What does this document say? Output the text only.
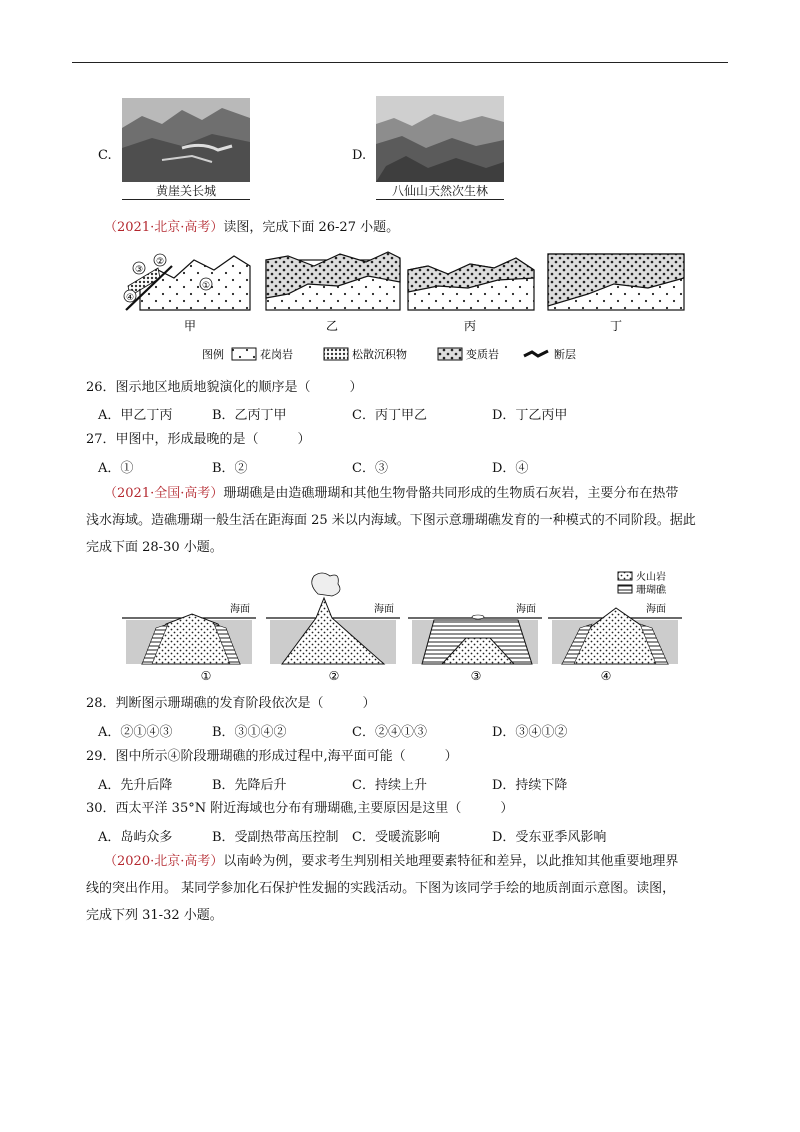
C.
黄崖关长城
D.
八仙山天然次生林
（2021·北京·高考）读图，完成下面 26-27 小题。
③
②
④
①
甲	乙	丙	丁
图例	花岗岩	松散沉积物	变质岩	断层
26．图示地区地质地貌演化的顺序是（　　　）
A．甲乙丁丙	B．乙丙丁甲	C．丙丁甲乙	D．丁乙丙甲
27．甲图中，形成最晚的是（　　　）
A．①	B．②	C．③	D．④
（2021·全国·高考）珊瑚礁是由造礁珊瑚和其他生物骨骼共同形成的生物质石灰岩，主要分布在热带
浅水海域。造礁珊瑚一般生活在距海面 25 米以内海域。下图示意珊瑚礁发育的一种模式的不同阶段。据此
完成下面 28-30 小题。
海面	海面	海面	海面
火山岩
珊瑚礁
①	②	③	④
28．判断图示珊瑚礁的发育阶段依次是（　　　）
A．②①④③	B．③①④②	C．②④①③	D．③④①②
29．图中所示④阶段珊瑚礁的形成过程中,海平面可能（　　　）
A．先升后降	B．先降后升	C．持续上升	D．持续下降
30．西太平洋 35°N 附近海域也分布有珊瑚礁,主要原因是这里（　　　）
A．岛屿众多	B．受副热带高压控制 C．受暖流影响	D．受东亚季风影响
（2020·北京·高考）以南岭为例，要求考生判别相关地理要素特征和差异，以此推知其他重要地理界
线的突出作用。 某同学参加化石保护性发掘的实践活动。下图为该同学手绘的地质剖面示意图。读图，
完成下列 31-32 小题。
